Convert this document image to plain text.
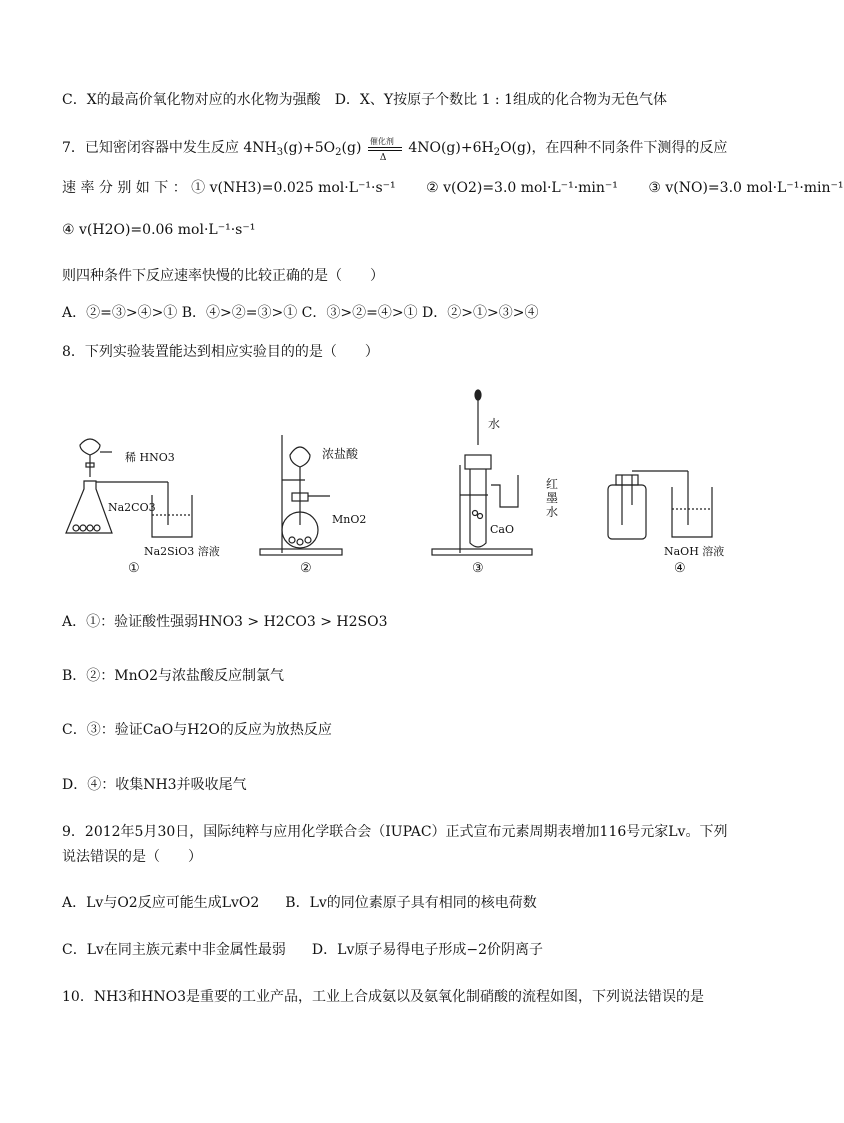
C．X的最高价氧化物对应的水化物为强酸 D．X、Y按原子个数比 1 : 1组成的化合物为无色气体
7．已知密闭容器中发生反应 $4NH_3(g)+5O_2(g)$ 催化剂
Δ
$4NO(g)+6H_2O(g)$，在四种不同条件下测得的反应
速 率 分 别 如 下 ： ① v(NH3)=0.025 mol·L⁻¹·s⁻¹ ② v(O2)=3.0 mol·L⁻¹·min⁻¹ ③ v(NO)=3.0 mol·L⁻¹·min⁻¹
④ v(H2O)=0.06 mol·L⁻¹·s⁻¹
则四种条件下反应速率快慢的比较正确的是（　　）
A．②=③>④>① B．④>②=③>① C．③>②=④>① D．②>①>③>④
8．下列实验装置能达到相应实验目的的是（　　）
稀 HNO3
Na2CO3
Na2SiO3 溶液
①
浓盐酸
MnO2
②
水
红
墨
水
CaO
③
NaOH 溶液
④
A．①：验证酸性强弱HNO3 > H2CO3 > H2SO3
B．②：MnO2与浓盐酸反应制氯气
C．③：验证CaO与H2O的反应为放热反应
D．④：收集NH3并吸收尾气
9．2012年5月30日，国际纯粹与应用化学联合会（IUPAC）正式宣布元素周期表增加116号元家Lv。下列
说法错误的是（　　）
A．Lv与O2反应可能生成LvO2 B．Lv的同位素原子具有相同的核电荷数
C．Lv在同主族元素中非金属性最弱 D．Lv原子易得电子形成−2价阴离子
10．NH3和HNO3是重要的工业产品，工业上合成氨以及氨氧化制硝酸的流程如图，下列说法错误的是
